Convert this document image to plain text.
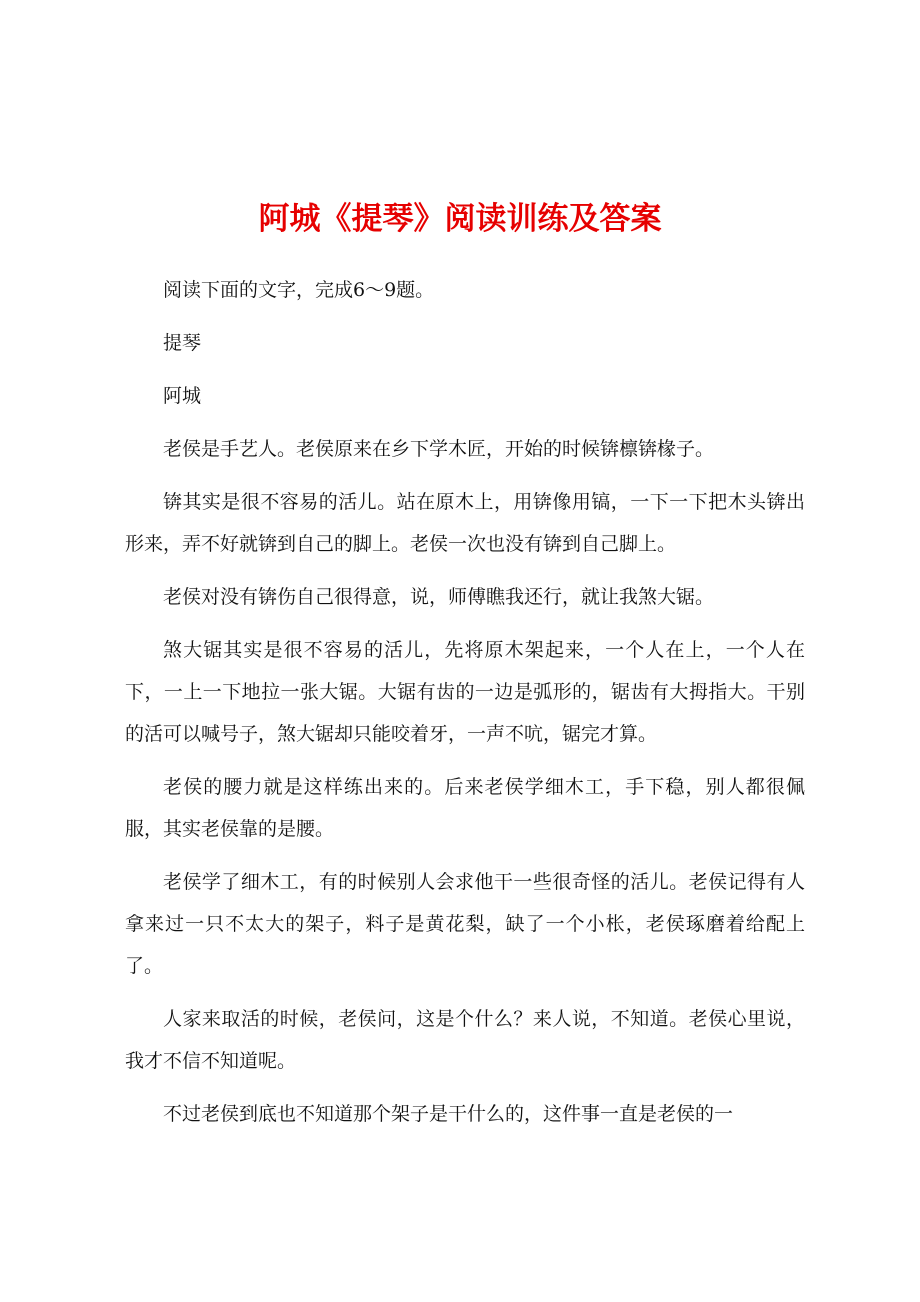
阿城《提琴》阅读训练及答案

阅读下面的文字，完成6～9题。

提琴

阿城

老侯是手艺人。老侯原来在乡下学木匠，开始的时候锛檩锛椽子。

锛其实是很不容易的活儿。站在原木上，用锛像用镐，一下一下把木头锛出形来，弄不好就锛到自己的脚上。老侯一次也没有锛到自己脚上。

老侯对没有锛伤自己很得意，说，师傅瞧我还行，就让我煞大锯。

煞大锯其实是很不容易的活儿，先将原木架起来，一个人在上，一个人在下，一上一下地拉一张大锯。大锯有齿的一边是弧形的，锯齿有大拇指大。干别的活可以喊号子，煞大锯却只能咬着牙，一声不吭，锯完才算。

老侯的腰力就是这样练出来的。后来老侯学细木工，手下稳，别人都很佩服，其实老侯靠的是腰。

老侯学了细木工，有的时候别人会求他干一些很奇怪的活儿。老侯记得有人拿来过一只不太大的架子，料子是黄花梨，缺了一个小枨，老侯琢磨着给配上了。

人家来取活的时候，老侯问，这是个什么？来人说，不知道。老侯心里说，我才不信不知道呢。

不过老侯到底也不知道那个架子是干什么的，这件事一直是老侯的一
